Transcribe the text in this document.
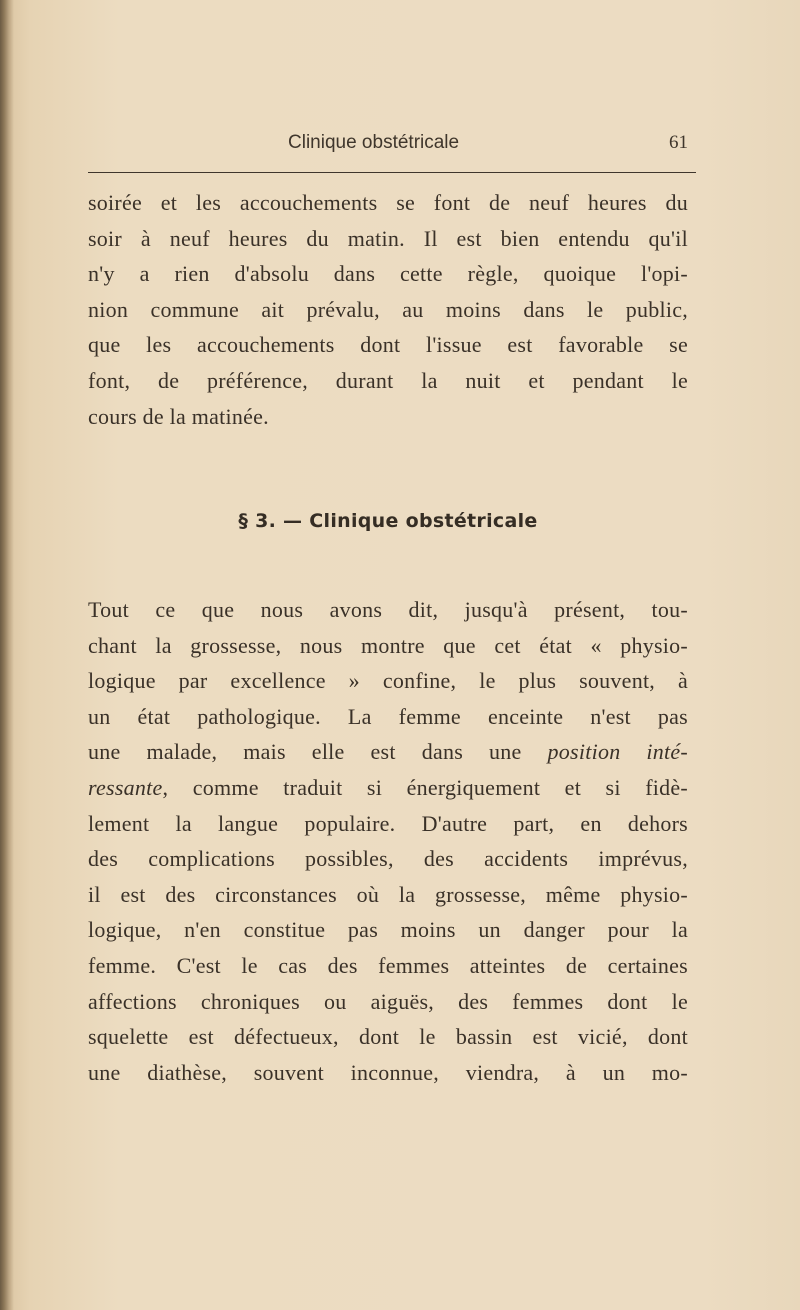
Clinique obstétricale	61

soirée et les accouchements se font de neuf heures du
soir à neuf heures du matin. Il est bien entendu qu'il
n'y a rien d'absolu dans cette règle, quoique l'opi-
nion commune ait prévalu, au moins dans le public,
que les accouchements dont l'issue est favorable se
font, de préférence, durant la nuit et pendant le
cours de la matinée.

§ 3. — Clinique obstétricale

Tout ce que nous avons dit, jusqu'à présent, tou-
chant la grossesse, nous montre que cet état « physio-
logique par excellence » confine, le plus souvent, à
un état pathologique. La femme enceinte n'est pas
une malade, mais elle est dans une position inté-
ressante, comme traduit si énergiquement et si fidè-
lement la langue populaire. D'autre part, en dehors
des complications possibles, des accidents imprévus,
il est des circonstances où la grossesse, même physio-
logique, n'en constitue pas moins un danger pour la
femme. C'est le cas des femmes atteintes de certaines
affections chroniques ou aiguës, des femmes dont le
squelette est défectueux, dont le bassin est vicié, dont
une diathèse, souvent inconnue, viendra, à un mo-
